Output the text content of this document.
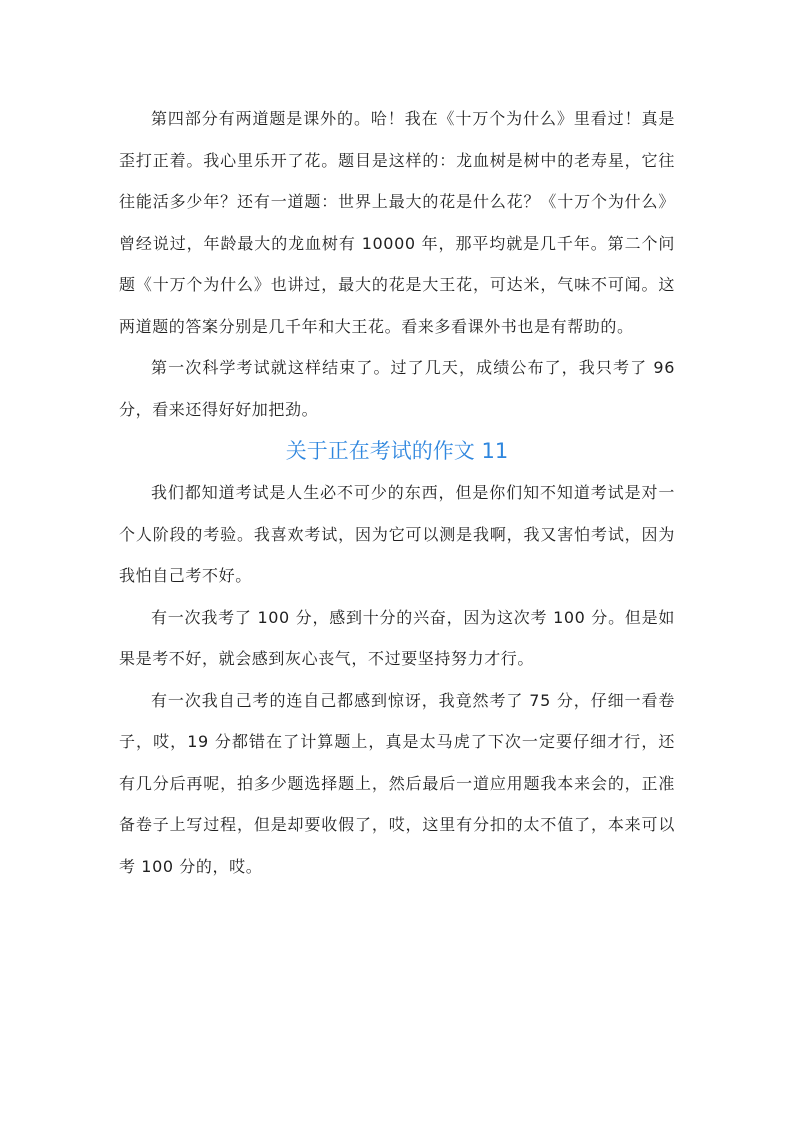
第四部分有两道题是课外的。哈！我在《十万个为什么》里看过！真是歪打正着。我心里乐开了花。题目是这样的：龙血树是树中的老寿星，它往往能活多少年？还有一道题：世界上最大的花是什么花？《十万个为什么》曾经说过，年龄最大的龙血树有 10000 年，那平均就是几千年。第二个问题《十万个为什么》也讲过，最大的花是大王花，可达米，气味不可闻。这两道题的答案分别是几千年和大王花。看来多看课外书也是有帮助的。

第一次科学考试就这样结束了。过了几天，成绩公布了，我只考了 96 分，看来还得好好加把劲。

关于正在考试的作文 11

我们都知道考试是人生必不可少的东西，但是你们知不知道考试是对一个人阶段的考验。我喜欢考试，因为它可以测是我啊，我又害怕考试，因为我怕自己考不好。

有一次我考了 100 分，感到十分的兴奋，因为这次考 100 分。但是如果是考不好，就会感到灰心丧气，不过要坚持努力才行。

有一次我自己考的连自己都感到惊讶，我竟然考了 75 分，仔细一看卷子，哎，19 分都错在了计算题上，真是太马虎了下次一定要仔细才行，还有几分后再呢，拍多少题选择题上，然后最后一道应用题我本来会的，正准备卷子上写过程，但是却要收假了，哎，这里有分扣的太不值了，本来可以考 100 分的，哎。
